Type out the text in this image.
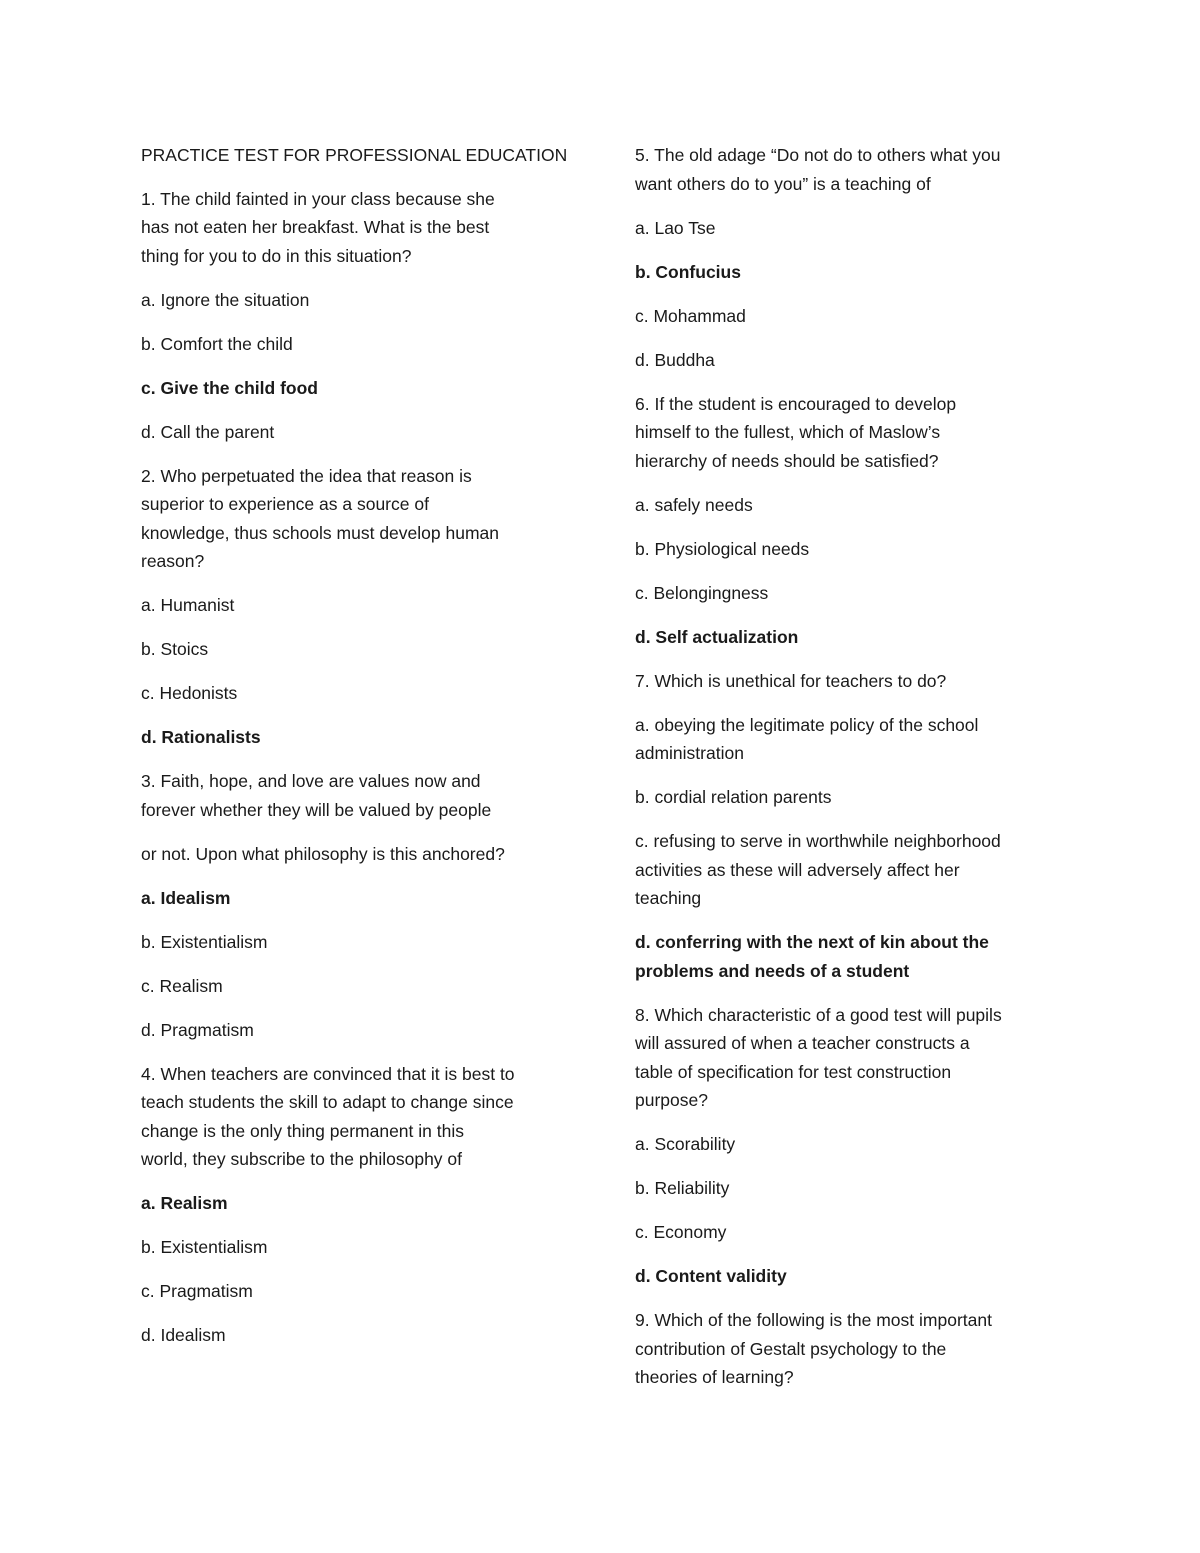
PRACTICE TEST FOR PROFESSIONAL EDUCATION
1. The child fainted in your class because she
has not eaten her breakfast. What is the best
thing for you to do in this situation?
a. Ignore the situation
b. Comfort the child
c. Give the child food
d. Call the parent
2. Who perpetuated the idea that reason is
superior to experience as a source of
knowledge, thus schools must develop human
reason?
a. Humanist
b. Stoics
c. Hedonists
d. Rationalists
3. Faith, hope, and love are values now and
forever whether they will be valued by people
or not. Upon what philosophy is this anchored?
a. Idealism
b. Existentialism
c. Realism
d. Pragmatism
4. When teachers are convinced that it is best to
teach students the skill to adapt to change since
change is the only thing permanent in this
world, they subscribe to the philosophy of
a. Realism
b. Existentialism
c. Pragmatism
d. Idealism
5. The old adage “Do not do to others what you
want others do to you” is a teaching of
a. Lao Tse
b. Confucius
c. Mohammad
d. Buddha
6. If the student is encouraged to develop
himself to the fullest, which of Maslow’s
hierarchy of needs should be satisfied?
a. safely needs
b. Physiological needs
c. Belongingness
d. Self actualization
7. Which is unethical for teachers to do?
a. obeying the legitimate policy of the school
administration
b. cordial relation parents
c. refusing to serve in worthwhile neighborhood
activities as these will adversely affect her
teaching
d. conferring with the next of kin about the
problems and needs of a student
8. Which characteristic of a good test will pupils
will assured of when a teacher constructs a
table of specification for test construction
purpose?
a. Scorability
b. Reliability
c. Economy
d. Content validity
9. Which of the following is the most important
contribution of Gestalt psychology to the
theories of learning?
